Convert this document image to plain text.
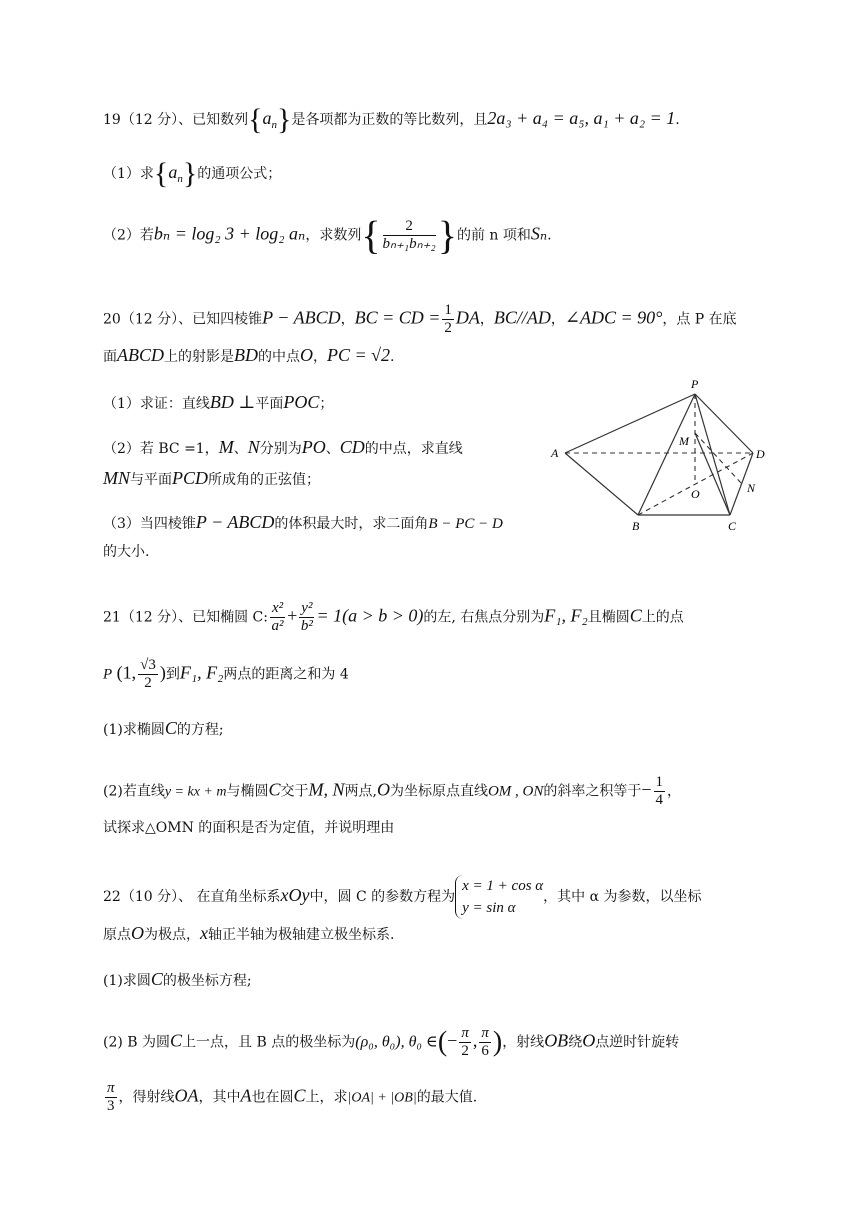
19（12 分）、已知数列$\{a_n\}$是各项都为正数的等比数列，且2a₃ + a₄ = a₅, a₁ + a₂ = 1.
（1）求$\{a_n\}$的通项公式；
（2）若bₙ = log₂ 3 + log₂ aₙ，求数列{ $\frac{2}{\text{bₙ₊₁bₙ₊₂}}$ }的前 n 项和Sₙ.
20（12 分）、已知四棱锥P − ABCD，BC = CD = $\frac{1}{2}$ DA，BC//AD，∠ADC = 90°，点 P 在底
面ABCD上的射影是BD的中点O，PC = √2.
（1）求证：直线BD ⊥平面POC；
（2）若 BC =1，M、N分别为PO、CD的中点，求直线
MN与平面PCD所成角的正弦值；
（3）当四棱锥P − ABCD的体积最大时，求二面角B − PC − D
的大小.
P
A
B	C
D
M
N
O
21（12 分）、已知椭圆 C: $\frac{\text{x²}}{\text{a²}} + \frac{\text{y²}}{\text{b²}} = 1(a > b > 0)$的左, 右焦点分别为F₁, F₂且椭圆C上的点
P (1, $\frac{√3}{2}$ )到F₁, F₂两点的距离之和为 4
(1)求椭圆C的方程;
(2)若直线y = kx + m与椭圆C交于M, N两点,O为坐标原点直线OM , ON的斜率之积等于− $\frac{1}{4}$ ，
试探求△OMN 的面积是否为定值，并说明理由
22（10 分）、 在直角坐标系xOy中，圆 C 的参数方程为
x = 1 + cos α
y = sin α
，其中 α 为参数，以坐标
原点O为极点，x轴正半轴为极轴建立极坐标系.
(1)求圆C的极坐标方程;
(2) B 为圆C上一点，且 B 点的极坐标为(ρ₀, θ₀), θ₀ ∈(− $\frac{\pi}{2}$ , $\frac{\pi}{6}$ )，射线OB绕O点逆时针旋转
$\frac{\pi}{3}$ ，得射线OA，其中A也在圆C上，求|OA| + |OB|的最大值.
